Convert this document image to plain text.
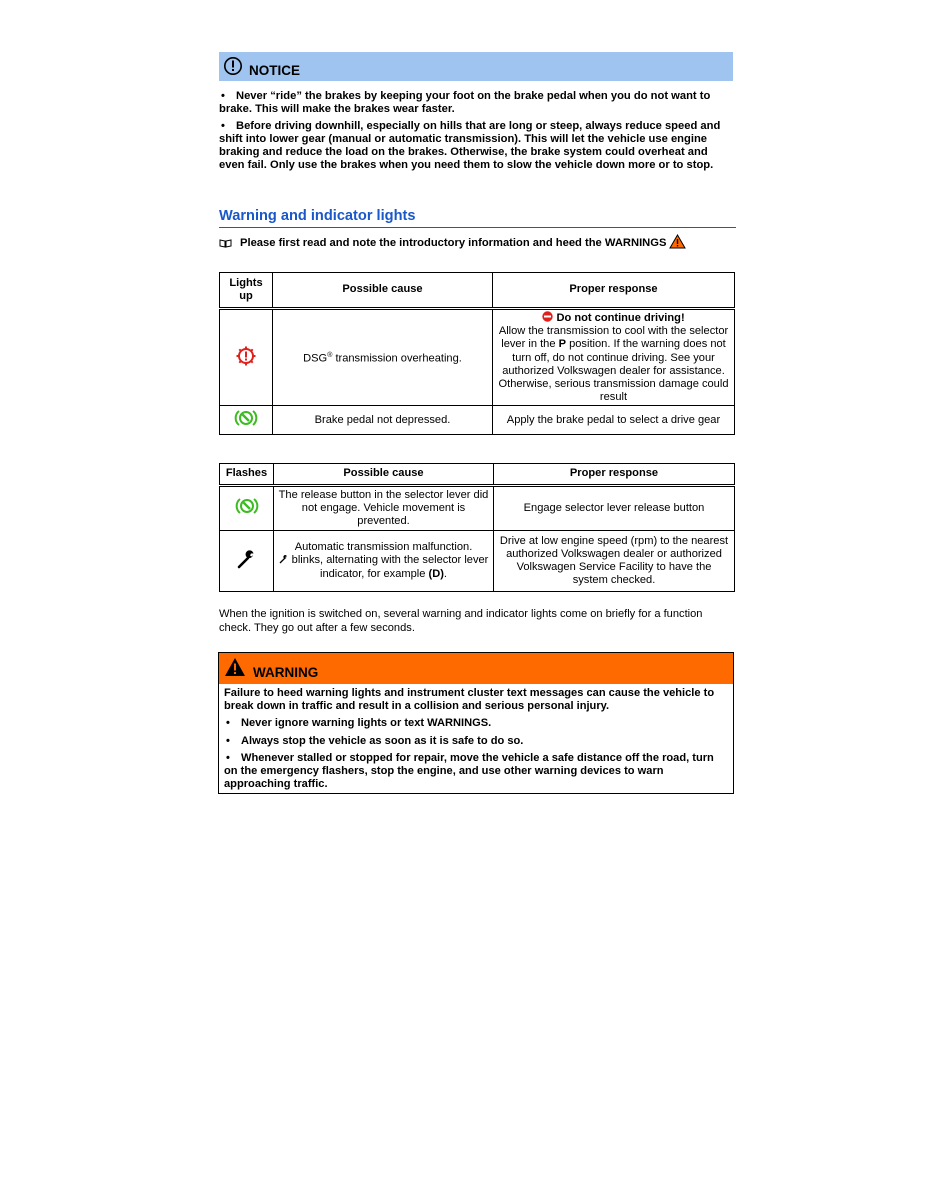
NOTICE

• Never “ride” the brakes by keeping your foot on the brake pedal when you do not want to brake. This will make the brakes wear faster.

• Before driving downhill, especially on hills that are long or steep, always reduce speed and shift into lower gear (manual or automatic transmission). This will let the vehicle use engine braking and reduce the load on the brakes. Otherwise, the brake system could overheat and even fail. Only use the brakes when you need them to slow the vehicle down more or to stop.

Warning and indicator lights
Please first read and note the introductory information and heed the WARNINGS
Lights up	Possible cause	Proper response
	DSG® transmission overheating.	Do not continue driving!
Allow the transmission to cool with the selector lever in the P position. If the warning does not turn off, do not continue driving. See your authorized Volkswagen dealer for assistance. Otherwise, serious transmission damage could result
	Brake pedal not depressed.	Apply the brake pedal to select a drive gear
Flashes	Possible cause	Proper response
	The release button in the selector lever did not engage. Vehicle movement is prevented.	Engage selector lever release button
	Automatic transmission malfunction.
blinks, alternating with the selector lever indicator, for example (D).	Drive at low engine speed (rpm) to the nearest authorized Volkswagen dealer or authorized Volkswagen Service Facility to have the system checked.
When the ignition is switched on, several warning and indicator lights come on briefly for a function check. They go out after a few seconds.
WARNING

Failure to heed warning lights and instrument cluster text messages can cause the vehicle to break down in traffic and result in a collision and serious personal injury.

• Never ignore warning lights or text WARNINGS.

• Always stop the vehicle as soon as it is safe to do so.

• Whenever stalled or stopped for repair, move the vehicle a safe distance off the road, turn on the emergency flashers, stop the engine, and use other warning devices to warn approaching traffic.
